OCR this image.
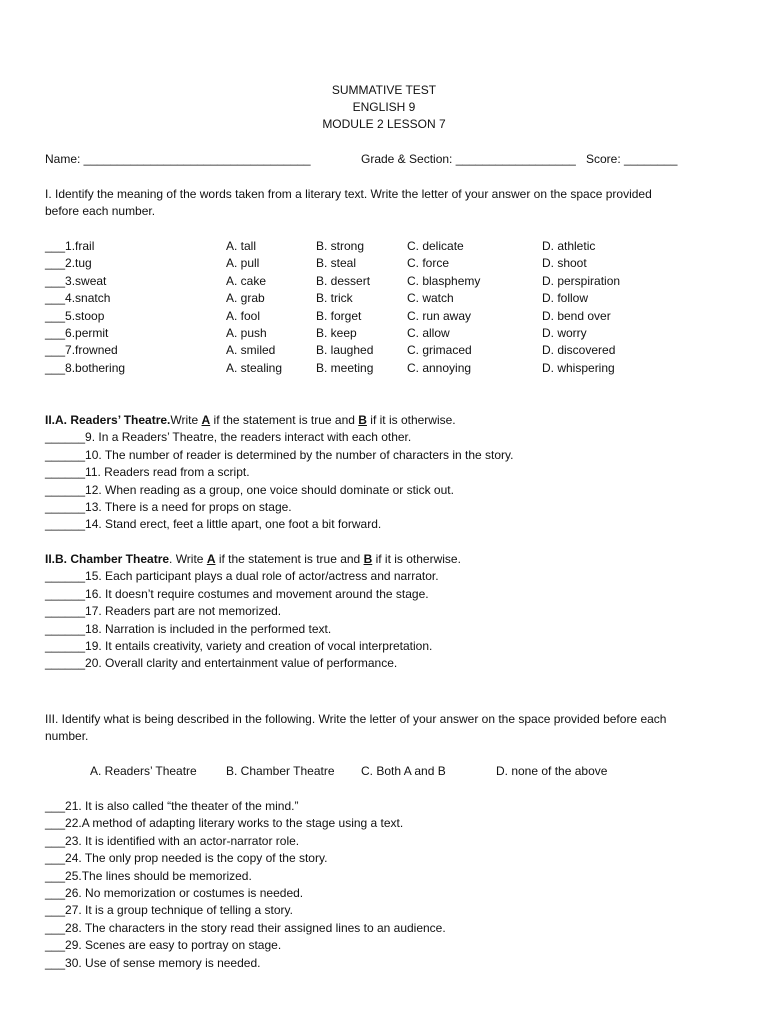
SUMMATIVE TEST
ENGLISH 9
MODULE 2 LESSON 7
Name: __________________________________	Grade & Section: __________________ Score: ________
I. Identify the meaning of the words taken from a literary text. Write the letter of your answer on the space provided
before each number.
___1.frail	A. tall	B. strong	C. delicate	D. athletic
___2.tug	A. pull	B. steal	C. force	D. shoot
___3.sweat	A. cake	B. dessert	C. blasphemy	D. perspiration
___4.snatch	A. grab	B. trick	C. watch	D. follow
___5.stoop	A. fool	B. forget	C. run away	D. bend over
___6.permit	A. push	B. keep	C. allow	D. worry
___7.frowned	A. smiled	B. laughed	C. grimaced	D. discovered
___8.bothering	A. stealing	B. meeting	C. annoying	D. whispering
II.A. Readers’ Theatre.Write A if the statement is true and B if it is otherwise.
______9. In a Readers’ Theatre, the readers interact with each other.
______10. The number of reader is determined by the number of characters in the story.
______11. Readers read from a script.
______12. When reading as a group, one voice should dominate or stick out.
______13. There is a need for props on stage.
______14. Stand erect, feet a little apart, one foot a bit forward.
II.B. Chamber Theatre. Write A if the statement is true and B if it is otherwise.
______15. Each participant plays a dual role of actor/actress and narrator.
______16. It doesn’t require costumes and movement around the stage.
______17. Readers part are not memorized.
______18. Narration is included in the performed text.
______19. It entails creativity, variety and creation of vocal interpretation.
______20. Overall clarity and entertainment value of performance.
III. Identify what is being described in the following. Write the letter of your answer on the space provided before each
number.
A. Readers’ Theatre B. Chamber Theatre C. Both A and B	D. none of the above
___21. It is also called “the theater of the mind.”
___22.A method of adapting literary works to the stage using a text.
___23. It is identified with an actor-narrator role.
___24. The only prop needed is the copy of the story.
___25.The lines should be memorized.
___26. No memorization or costumes is needed.
___27. It is a group technique of telling a story.
___28. The characters in the story read their assigned lines to an audience.
___29. Scenes are easy to portray on stage.
___30. Use of sense memory is needed.
